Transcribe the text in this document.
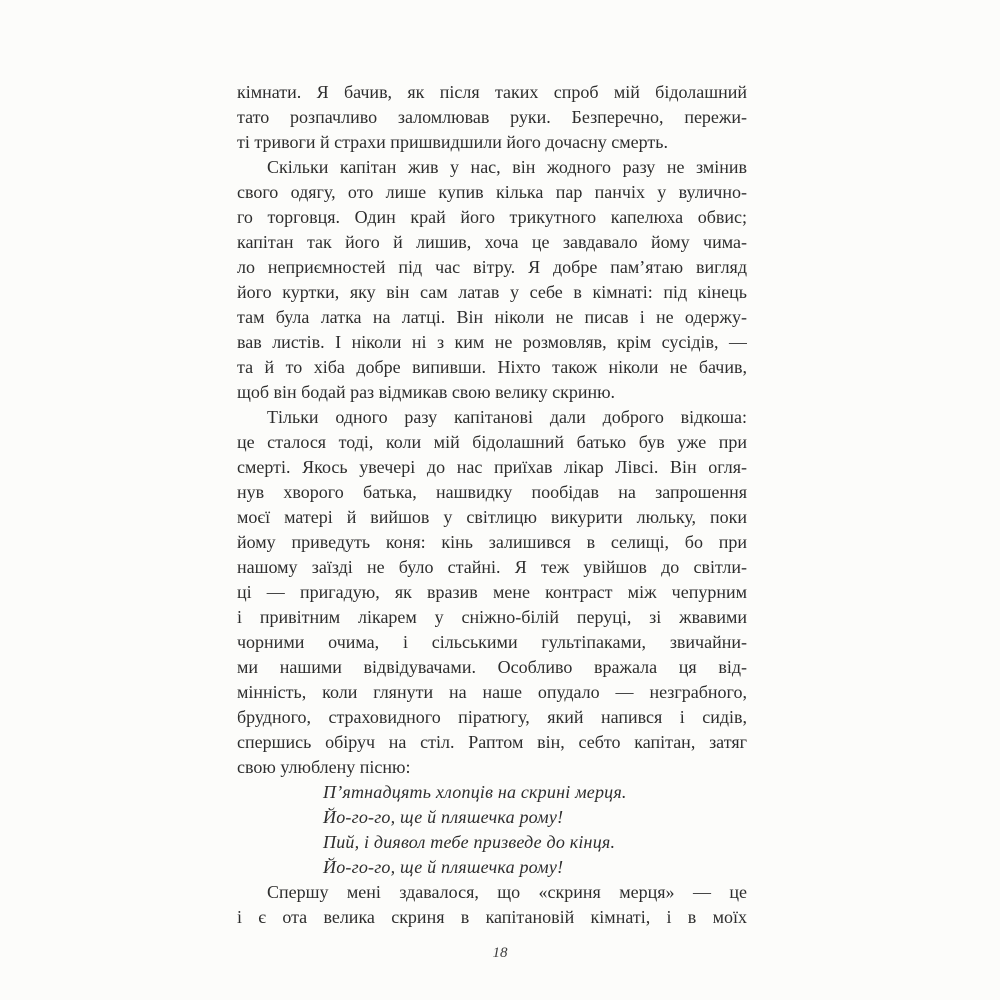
кімнати. Я бачив, як після таких спроб мій бідолашний
тато розпачливо заломлював руки. Безперечно, пережи-
ті тривоги й страхи пришвидшили його дочасну смерть.
Скільки капітан жив у нас, він жодного разу не змінив
свого одягу, ото лише купив кілька пар панчіх у вулично-
го торговця. Один край його трикутного капелюха обвис;
капітан так його й лишив, хоча це завдавало йому чима-
ло неприємностей під час вітру. Я добре пам’ятаю вигляд
його куртки, яку він сам латав у себе в кімнаті: під кінець
там була латка на латці. Він ніколи не писав і не одержу-
вав листів. І ніколи ні з ким не розмовляв, крім сусідів, —
та й то хіба добре випивши. Ніхто також ніколи не бачив,
щоб він бодай раз відмикав свою велику скриню.
Тільки одного разу капітанові дали доброго відкоша:
це сталося тоді, коли мій бідолашний батько був уже при
смерті. Якось увечері до нас приїхав лікар Лівсі. Він огля-
нув хворого батька, нашвидку пообідав на запрошення
моєї матері й вийшов у світлицю викурити люльку, поки
йому приведуть коня: кінь залишився в селищі, бо при
нашому заїзді не було стайні. Я теж увійшов до світли-
ці — пригадую, як вразив мене контраст між чепурним
і привітним лікарем у сніжно-білій перуці, зі жвавими
чорними очима, і сільськими гультіпаками, звичайни-
ми нашими відвідувачами. Особливо вражала ця від-
мінність, коли глянути на наше опудало — незграбного,
брудного, страховидного піратюгу, який напився і сидів,
спершись обіруч на стіл. Раптом він, себто капітан, затяг
свою улюблену пісню:
П’ятнадцять хлопців на скрині мерця.
Йо-го-го, ще й пляшечка рому!
Пий, і диявол тебе призведе до кінця.
Йо-го-го, ще й пляшечка рому!
Спершу мені здавалося, що «скриня мерця» — це
і є ота велика скриня в капітановій кімнаті, і в моїх
18
